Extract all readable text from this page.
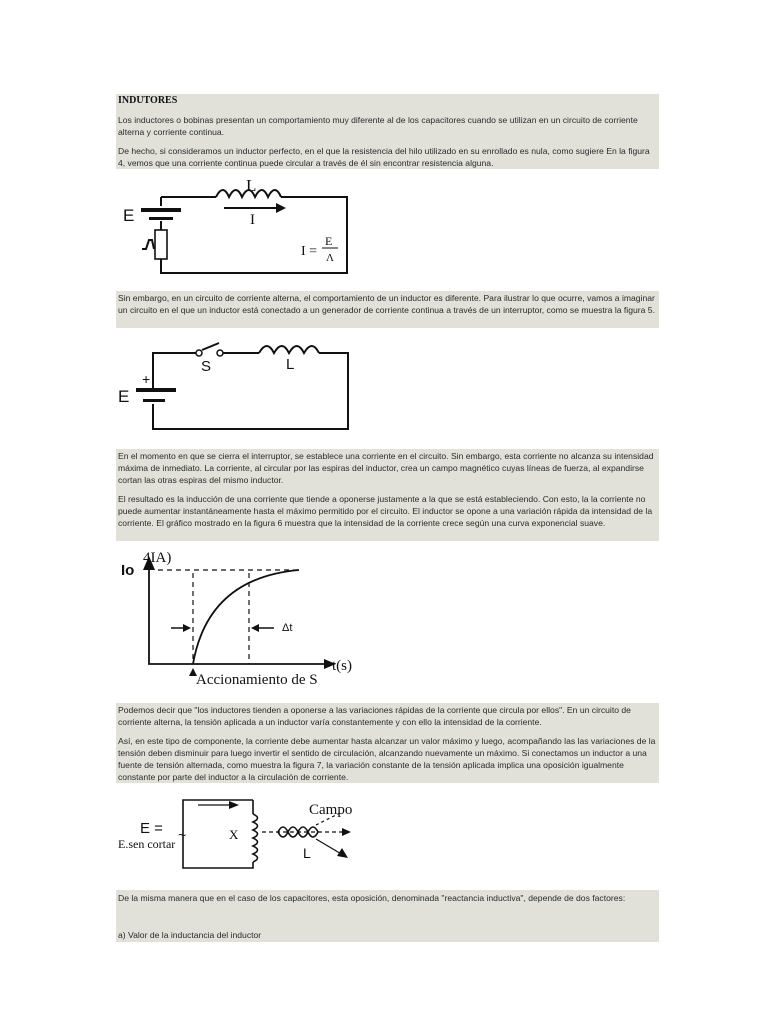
INDUTORES

Los inductores o bobinas presentan un comportamiento muy diferente al de los capacitores cuando se utilizan en un circuito de corriente alterna y corriente continua.

De hecho, si consideramos un inductor perfecto, en el que la resistencia del hilo utilizado en su enrollado es nula, como sugiere En la figura 4, vemos que una corriente continua puede circular a través de él sin encontrar resistencia alguna.

Sin embargo, en un circuito de corriente alterna, el comportamiento de un inductor es diferente. Para ilustrar lo que ocurre, vamos a imaginar un circuito en el que un inductor está conectado a un generador de corriente continua a través de un interruptor, como se muestra la figura 5.

En el momento en que se cierra el interruptor, se establece una corriente en el circuito. Sin embargo, esta corriente no alcanza su intensidad máxima de inmediato. La corriente, al circular por las espiras del inductor, crea un campo magnético cuyas líneas de fuerza, al expandirse cortan las otras espiras del mismo inductor.

El resultado es la inducción de una corriente que tiende a oponerse justamente a la que se está estableciendo. Con esto, la la corriente no puede aumentar instantáneamente hasta el máximo permitido por el circuito. El inductor se opone a una variación rápida da intensidad de la corriente. El gráfico mostrado en la figura 6 muestra que la intensidad de la corriente crece según una curva exponencial suave.

Podemos decir que "los inductores tienden a oponerse a las variaciones rápidas de la corriente que circula por ellos". En un circuito de corriente alterna, la tensión aplicada a un inductor varía constantemente y con ello la intensidad de la corriente.

Así, en este tipo de componente, la corriente debe aumentar hasta alcanzar un valor máximo y luego, acompañando las las variaciones de la tensión deben disminuir para luego invertir el sentido de circulación, alcanzando nuevamente un máximo. Si conectamos un inductor a una fuente de tensión alternada, como muestra la figura 7, la variación constante de la tensión aplicada implica una oposición igualmente constante por parte del inductor a la circulación de corriente.

De la misma manera que en el caso de los capacitores, esta oposición, denominada "reactancia inductiva", depende de dos factores:

a) Valor de la inductancia del inductor

L
E	I
I =
E
Λ
+
E
S	L
4IA)
Io
t(s)
Δt
Accionamiento de S
E = ~	X
Campo
L
E.sen cortar
